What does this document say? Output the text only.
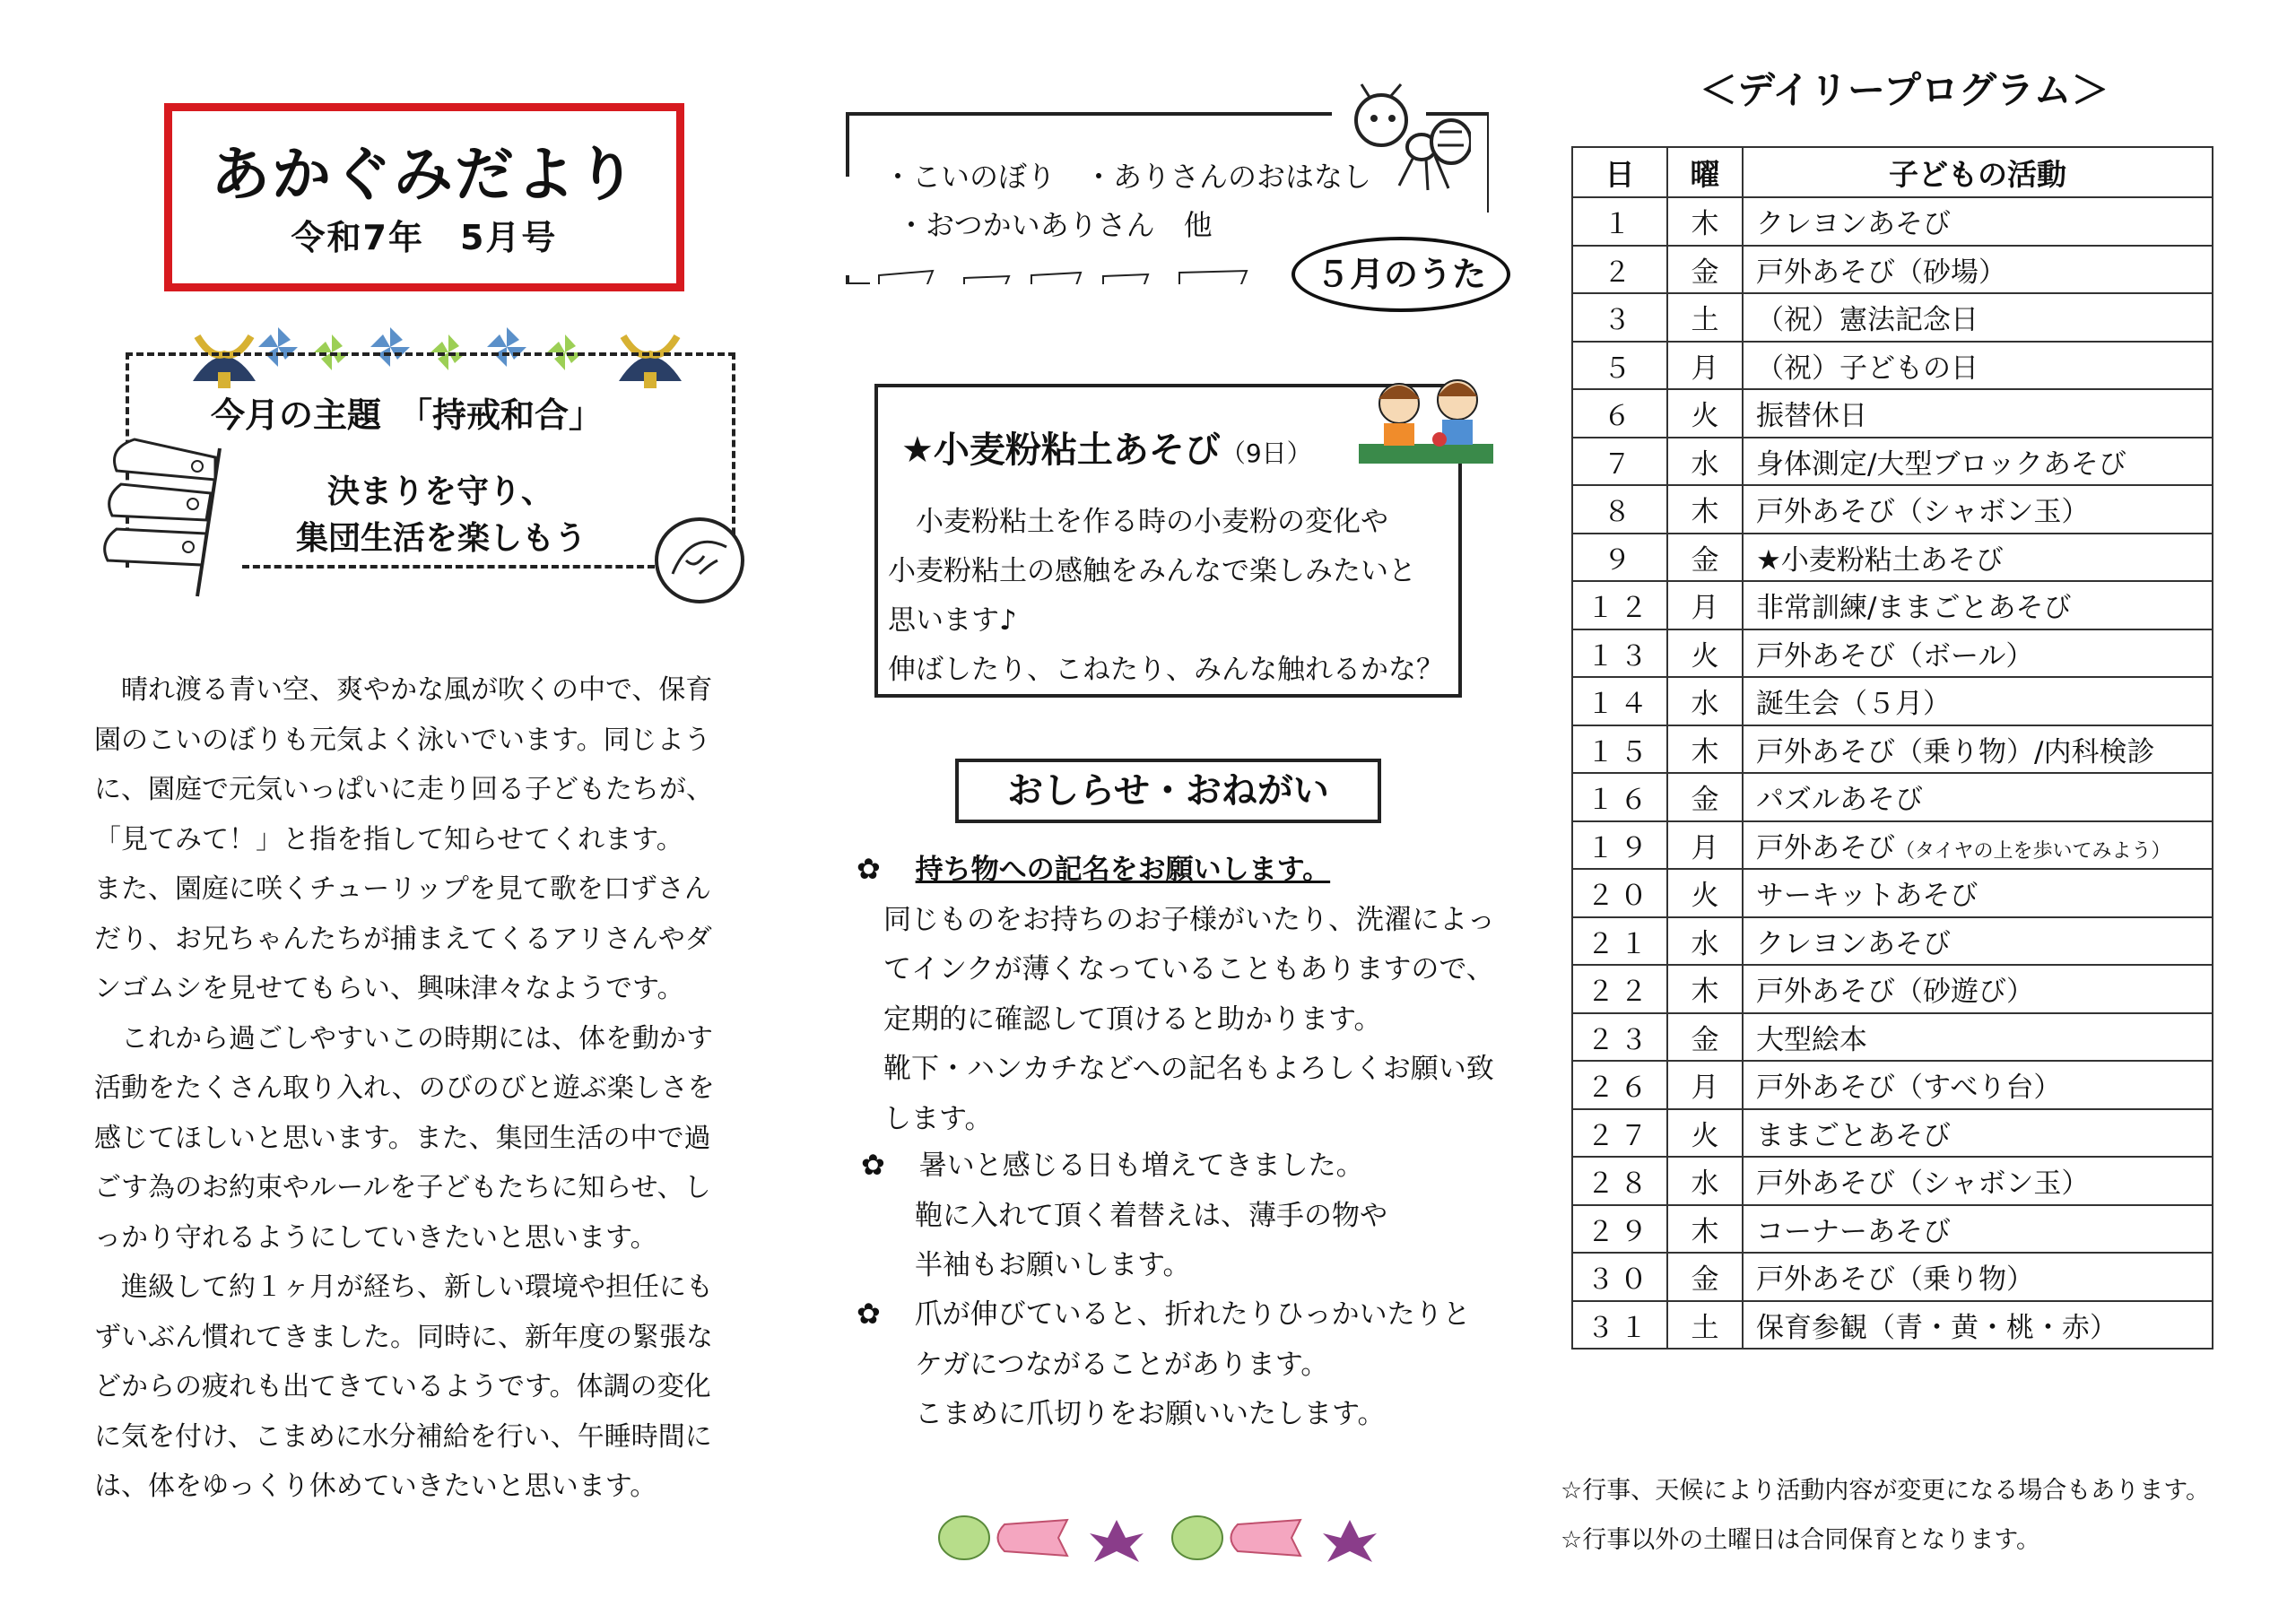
あかぐみだより
令和7年　5月号
今月の主題　「持戒和合」
決まりを守り、
集団生活を楽しもう

　晴れ渡る青い空、爽やかな風が吹くの中で、保育

園のこいのぼりも元気よく泳いでいます。同じよう

に、園庭で元気いっぱいに走り回る子どもたちが、

「見てみて！」と指を指して知らせてくれます。

また、園庭に咲くチューリップを見て歌を口ずさん

だり、お兄ちゃんたちが捕まえてくるアリさんやダ

ンゴムシを見せてもらい、興味津々なようです。

　これから過ごしやすいこの時期には、体を動かす

活動をたくさん取り入れ、のびのびと遊ぶ楽しさを

感じてほしいと思います。また、集団生活の中で過

ごす為のお約束やルールを子どもたちに知らせ、し

っかり守れるようにしていきたいと思います。

　進級して約１ヶ月が経ち、新しい環境や担任にも

ずいぶん慣れてきました。同時に、新年度の緊張な

どからの疲れも出てきているようです。体調の変化

に気を付け、こまめに水分補給を行い、午睡時間に

は、体をゆっくり休めていきたいと思います。

・こいのぼり　・ありさんのおはなし
・おつかいありさん　他
５月のうた
★小麦粉粘土あそび（9日）

　小麦粉粘土を作る時の小麦粉の変化や

小麦粉粘土の感触をみんなで楽しみたいと

思います♪

伸ばしたり、こねたり、みんな触れるかな？

おしらせ・おねがい

✿ 持ち物への記名をお願いします。

同じものをお持ちのお子様がいたり、洗濯によっ

てインクが薄くなっていることもありますので、

定期的に確認して頂けると助かります。

靴下・ハンカチなどへの記名もよろしくお願い致

します。

✿ 暑いと感じる日も増えてきました。

鞄に入れて頂く着替えは、薄手の物や

半袖もお願いします。

✿ 爪が伸びていると、折れたりひっかいたりと

ケガにつながることがあります。

こまめに爪切りをお願いいたします。

＜デイリープログラム＞
日	曜	子どもの活動
１	木	クレヨンあそび
２	金	戸外あそび（砂場）
３	土	（祝）憲法記念日
５	月	（祝）子どもの日
６	火	振替休日
７	水	身体測定/大型ブロックあそび
８	木	戸外あそび（シャボン玉）
９	金	★小麦粉粘土あそび
１２	月	非常訓練/ままごとあそび
１３	火	戸外あそび（ボール）
１４	水	誕生会（５月）
１５	木	戸外あそび（乗り物）/内科検診
１６	金	パズルあそび
１９	月	戸外あそび（タイヤの上を歩いてみよう）
２０	火	サーキットあそび
２１	水	クレヨンあそび
２２	木	戸外あそび（砂遊び）
２３	金	大型絵本
２６	月	戸外あそび（すべり台）
２７	火	ままごとあそび
２８	水	戸外あそび（シャボン玉）
２９	木	コーナーあそび
３０	金	戸外あそび（乗り物）
３１	土	保育参観（青・黄・桃・赤）
☆行事、天候により活動内容が変更になる場合もあります。
☆行事以外の土曜日は合同保育となります。
